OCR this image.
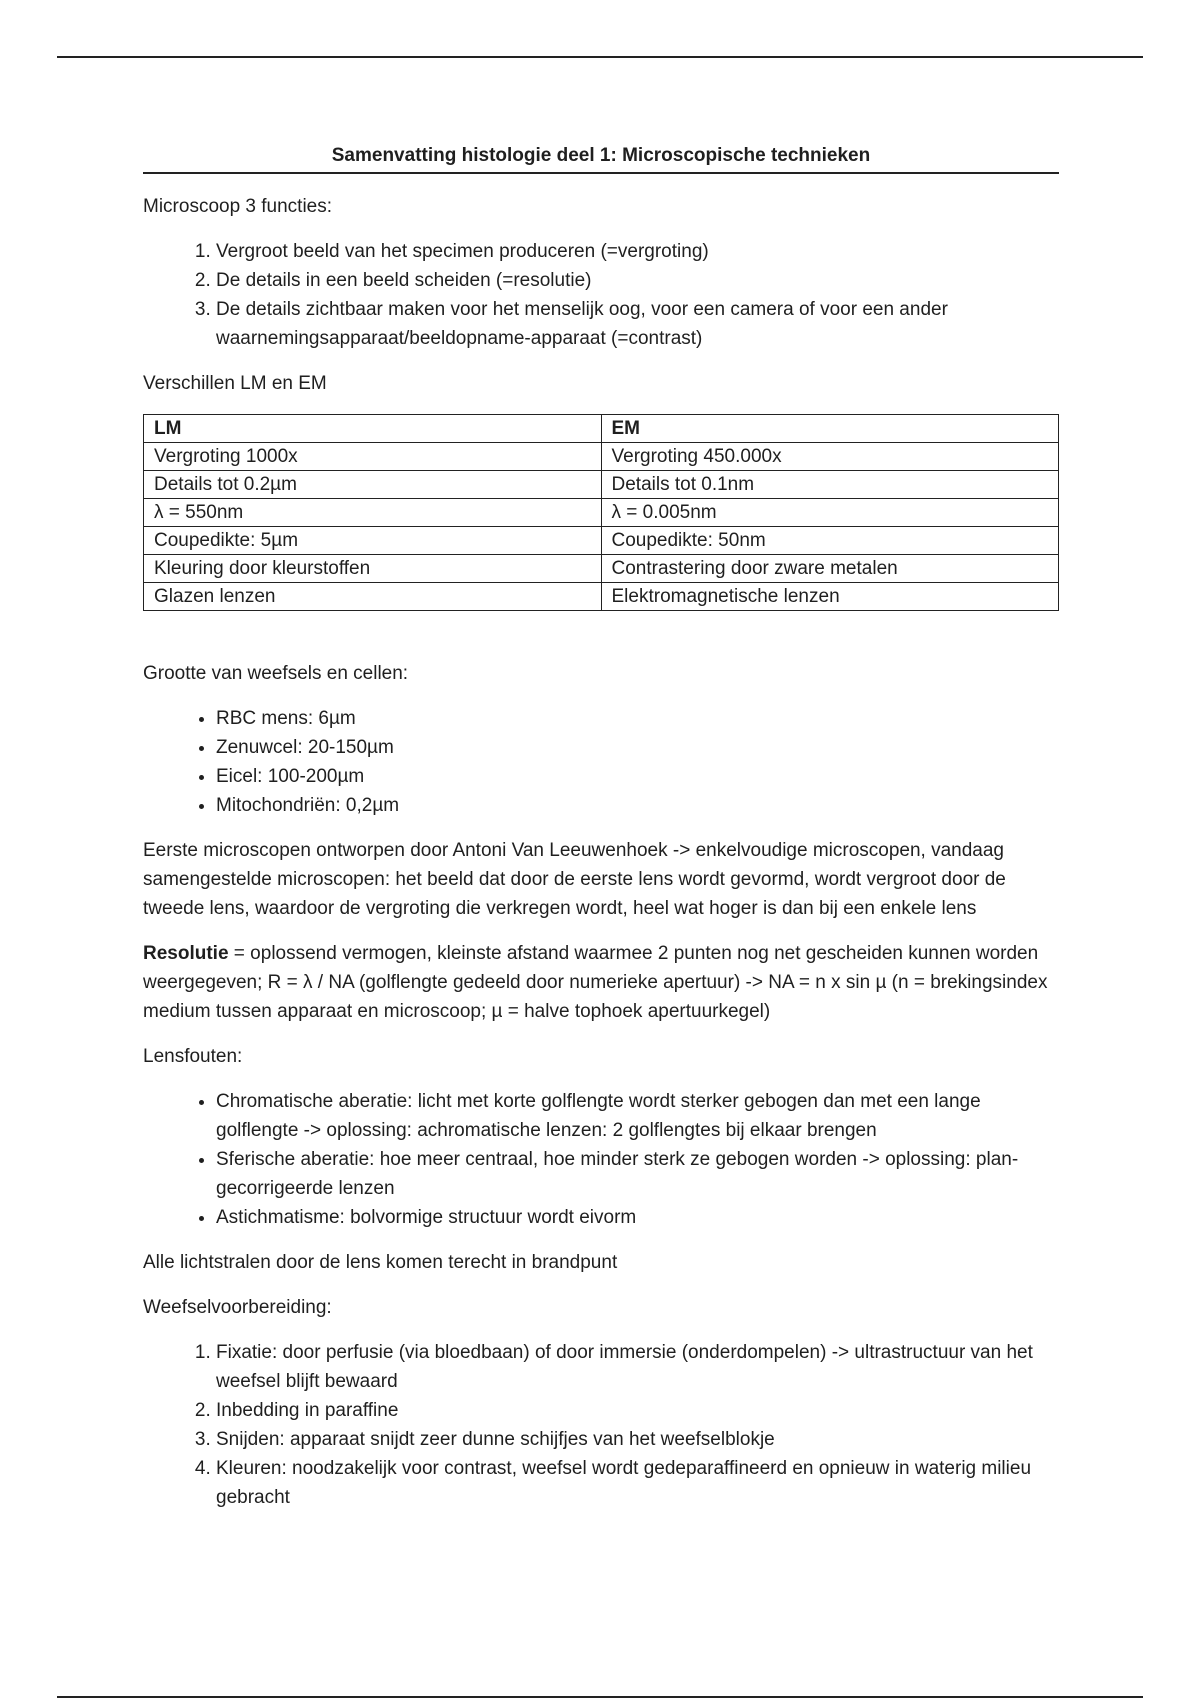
Samenvatting histologie deel 1: Microscopische technieken

Microscoop 3 functies:

1. Vergroot beeld van het specimen produceren (=vergroting)
2. De details in een beeld scheiden (=resolutie)
3. De details zichtbaar maken voor het menselijk oog, voor een camera of voor een ander waarnemingsapparaat/beeldopname-apparaat (=contrast)

Verschillen LM en EM

LM	EM
Vergroting 1000x	Vergroting 450.000x
Details tot 0.2µm	Details tot 0.1nm
λ = 550nm	λ = 0.005nm
Coupedikte: 5µm	Coupedikte: 50nm
Kleuring door kleurstoffen	Contrastering door zware metalen
Glazen lenzen	Elektromagnetische lenzen

Grootte van weefsels en cellen:

• RBC mens: 6µm
• Zenuwcel: 20-150µm
• Eicel: 100-200µm
• Mitochondriën: 0,2µm

Eerste microscopen ontworpen door Antoni Van Leeuwenhoek -> enkelvoudige microscopen, vandaag samengestelde microscopen: het beeld dat door de eerste lens wordt gevormd, wordt vergroot door de tweede lens, waardoor de vergroting die verkregen wordt, heel wat hoger is dan bij een enkele lens

Resolutie = oplossend vermogen, kleinste afstand waarmee 2 punten nog net gescheiden kunnen worden weergegeven; R = λ / NA (golflengte gedeeld door numerieke apertuur) -> NA = n x sin µ (n = brekingsindex medium tussen apparaat en microscoop; µ = halve tophoek apertuurkegel)

Lensfouten:

• Chromatische aberatie: licht met korte golflengte wordt sterker gebogen dan met een lange golflengte -> oplossing: achromatische lenzen: 2 golflengtes bij elkaar brengen
• Sferische aberatie: hoe meer centraal, hoe minder sterk ze gebogen worden -> oplossing: plan-gecorrigeerde lenzen
• Astichmatisme: bolvormige structuur wordt eivorm

Alle lichtstralen door de lens komen terecht in brandpunt

Weefselvoorbereiding:

1. Fixatie: door perfusie (via bloedbaan) of door immersie (onderdompelen) -> ultrastructuur van het weefsel blijft bewaard
2. Inbedding in paraffine
3. Snijden: apparaat snijdt zeer dunne schijfjes van het weefselblokje
4. Kleuren: noodzakelijk voor contrast, weefsel wordt gedeparaffineerd en opnieuw in waterig milieu gebracht
